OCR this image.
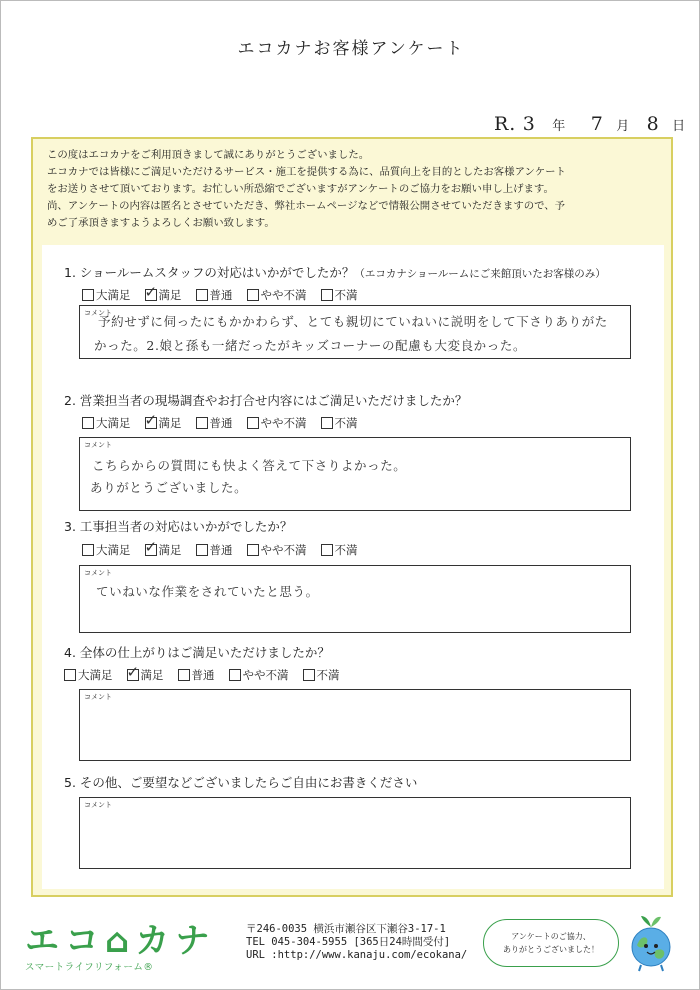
エコカナお客様アンケート
R. 3 年 7 月 8 日
この度はエコカナをご利用頂きまして誠にありがとうございました。
エコカナでは皆様にご満足いただけるサービス・施工を提供する為に、品質向上を目的としたお客様アンケート
をお送りさせて頂いております。お忙しい所恐縮でございますがアンケートのご協力をお願い申し上げます。
尚、アンケートの内容は匿名とさせていただき、弊社ホームページなどで情報公開させていただきますので、予
めご了承頂きますようよろしくお願い致します。
1. ショールームスタッフの対応はいかがでしたか？（エコカナショールームにご来館頂いたお客様のみ）
大満足 ✓ 満足 普通 やや不満 不満
コメント
予約せずに伺ったにもかかわらず、とても親切にていねいに説明をして下さりありがた
かった。2.娘と孫も一緒だったがキッズコーナーの配慮も大変良かった。
2. 営業担当者の現場調査やお打合せ内容にはご満足いただけましたか？
大満足 ✓ 満足 普通 やや不満 不満
コメント
こちらからの質問にも快よく答えて下さりよかった。
ありがとうございました。
3. 工事担当者の対応はいかがでしたか？
大満足 ✓ 満足 普通 やや不満 不満
コメント
ていねいな作業をされていたと思う。
4. 全体の仕上がりはご満足いただけましたか？
大満足 ✓ 満足 普通 やや不満 不満
コメント
5. その他、ご要望などございましたらご自由にお書きください
コメント
エコ⌂カナ
スマートライフリフォーム®
〒246-0035 横浜市瀬谷区下瀬谷3-17-1
TEL 045-304-5955 [365日24時間受付]
URL :http://www.kanaju.com/ecokana/
アンケートのご協力、
ありがとうございました！
